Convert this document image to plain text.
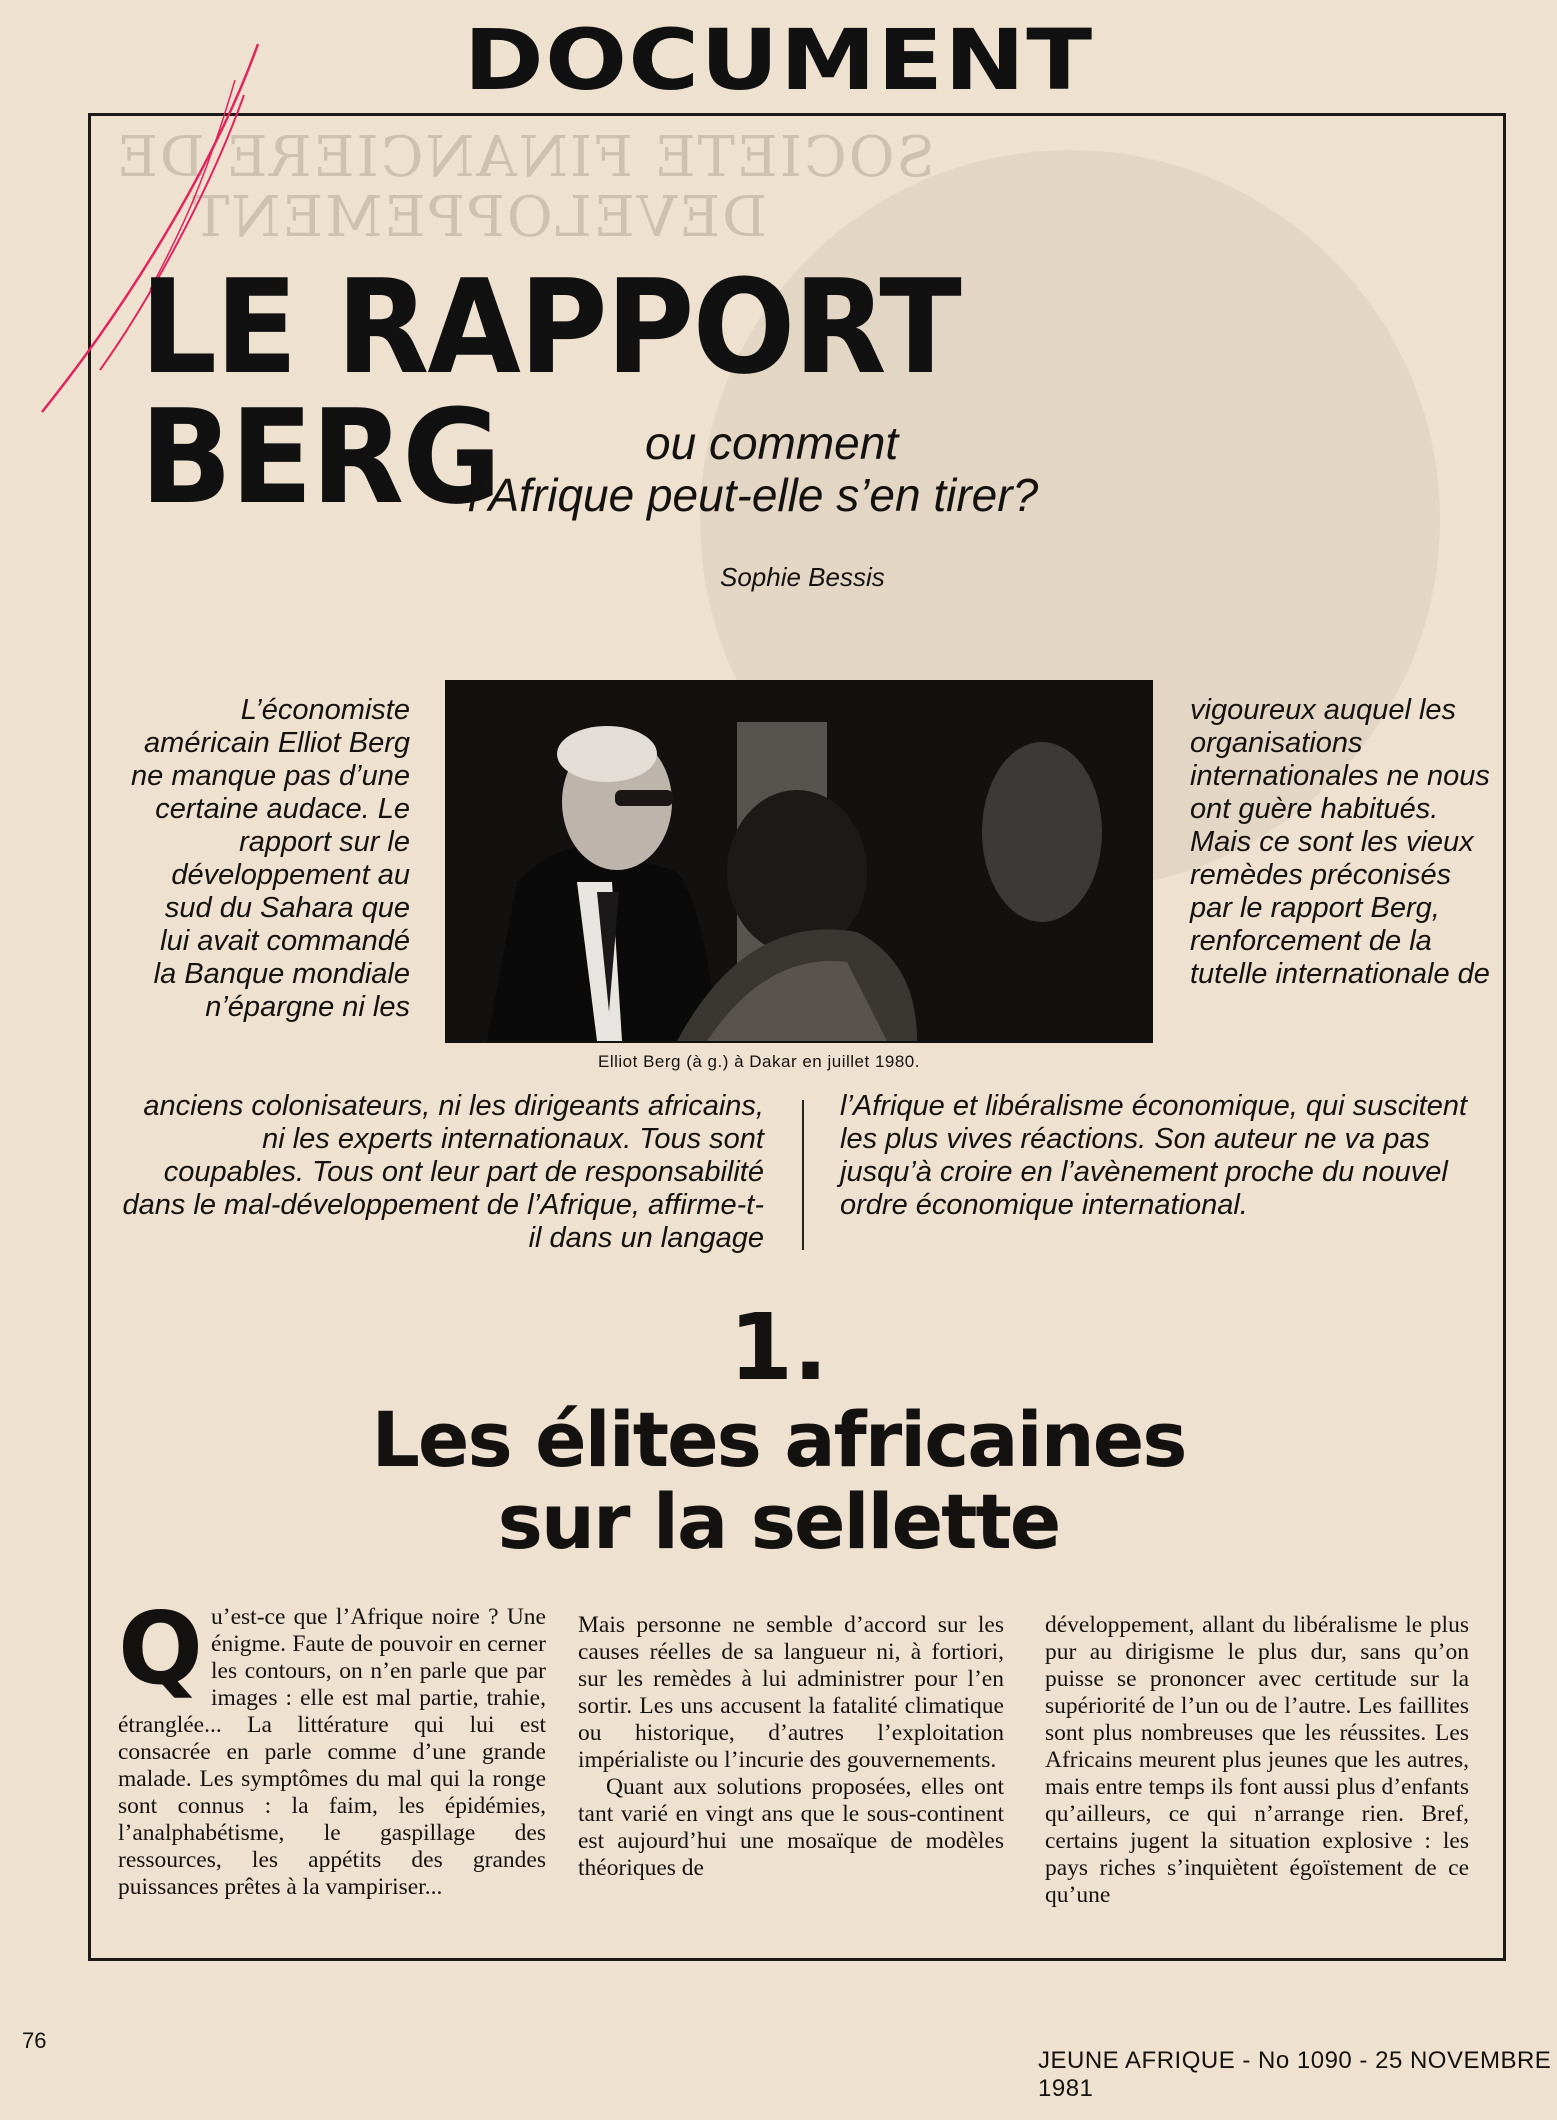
SOCIETE FINANCIERE DE
DEVELOPPEMENT
DOCUMENT
LE RAPPORT BERG	ou comment
l’Afrique peut-elle s’en tirer?
Sophie Bessis
L’économiste américain Elliot Berg ne manque pas d’une certaine audace. Le rapport sur le développement au sud du Sahara que lui avait commandé la Banque mondiale n’épargne ni les
vigoureux auquel les organisations internationales ne nous ont guère habitués. Mais ce sont les vieux remèdes préconisés par le rapport Berg, renforcement de la tutelle internationale de
anciens colonisateurs, ni les dirigeants africains, ni les experts internationaux. Tous sont coupables. Tous ont leur part de responsabilité dans le mal-développement de l’Afrique, affirme-t-il dans un langage
l’Afrique et libéralisme économique, qui suscitent les plus vives réactions. Son auteur ne va pas jusqu’à croire en l’avènement proche du nouvel ordre économique international.
Elliot Berg (à g.) à Dakar en juillet 1980.
1.
Les élites africaines
sur la sellette
Q u’est-ce que l’Afrique noire ? Une énigme. Faute de pouvoir en cerner les contours, on n’en parle que par images : elle est mal partie, trahie, étranglée... La littérature qui lui est consacrée en parle comme d’une grande malade. Les symptômes du mal qui la ronge sont connus : la faim, les épidémies, l’analphabétisme, le gaspillage des ressources, les appétits des grandes puissances prêtes à la vampiriser...

Mais personne ne semble d’accord sur les causes réelles de sa langueur ni, à fortiori, sur les remèdes à lui administrer pour l’en sortir. Les uns accusent la fatalité climatique ou historique, d’autres l’exploitation impérialiste ou l’incurie des gouvernements.

Quant aux solutions proposées, elles ont tant varié en vingt ans que le sous-continent est aujourd’hui une mosaïque de modèles théoriques de

développement, allant du libéralisme le plus pur au dirigisme le plus dur, sans qu’on puisse se prononcer avec certitude sur la supériorité de l’un ou de l’autre. Les faillites sont plus nombreuses que les réussites. Les Africains meurent plus jeunes que les autres, mais entre temps ils font aussi plus d’enfants qu’ailleurs, ce qui n’arrange rien. Bref, certains jugent la situation explosive : les pays riches s’inquiètent égoïstement de ce qu’une

76
JEUNE AFRIQUE - No 1090 - 25 NOVEMBRE 1981
